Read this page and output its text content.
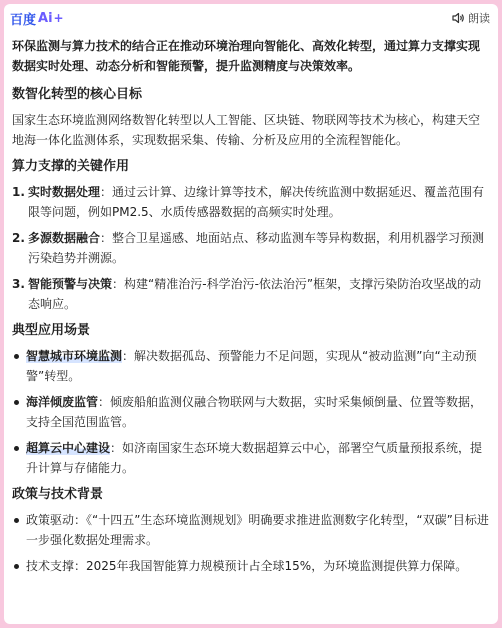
百度 Ai +	朗读

环保监测与算力技术的结合正在推动环境治理向智能化、高效化转型，通过算力支撑实现数据实时处理、动态分析和智能预警，提升监测精度与决策效率。

数智化转型的核心目标

国家生态环境监测网络数智化转型以人工智能、区块链、物联网等技术为核心，构建天空地海一体化监测体系，实现数据采集、传输、分析及应用的全流程智能化。

算力支撑的关键作用
1. 实时数据处理：通过云计算、边缘计算等技术，解决传统监测中数据延迟、覆盖范围有限等问题，例如PM2.5、水质传感器数据的高频实时处理。
2. 多源数据融合：整合卫星遥感、地面站点、移动监测车等异构数据，利用机器学习预测污染趋势并溯源。
3. 智能预警与决策：构建“精准治污-科学治污-依法治污”框架，支撑污染防治攻坚战的动态响应。
典型应用场景
智慧城市环境监测：解决数据孤岛、预警能力不足问题，实现从“被动监测”向“主动预警”转型。
海洋倾废监管：倾废船舶监测仪融合物联网与大数据，实时采集倾倒量、位置等数据，支持全国范围监管。
超算云中心建设：如济南国家生态环境大数据超算云中心，部署空气质量预报系统，提升计算与存储能力。
政策与技术背景
政策驱动：《“十四五”生态环境监测规划》明确要求推进监测数字化转型，“双碳”目标进一步强化数据处理需求。
技术支撑：2025年我国智能算力规模预计占全球15%，为环境监测提供算力保障。
